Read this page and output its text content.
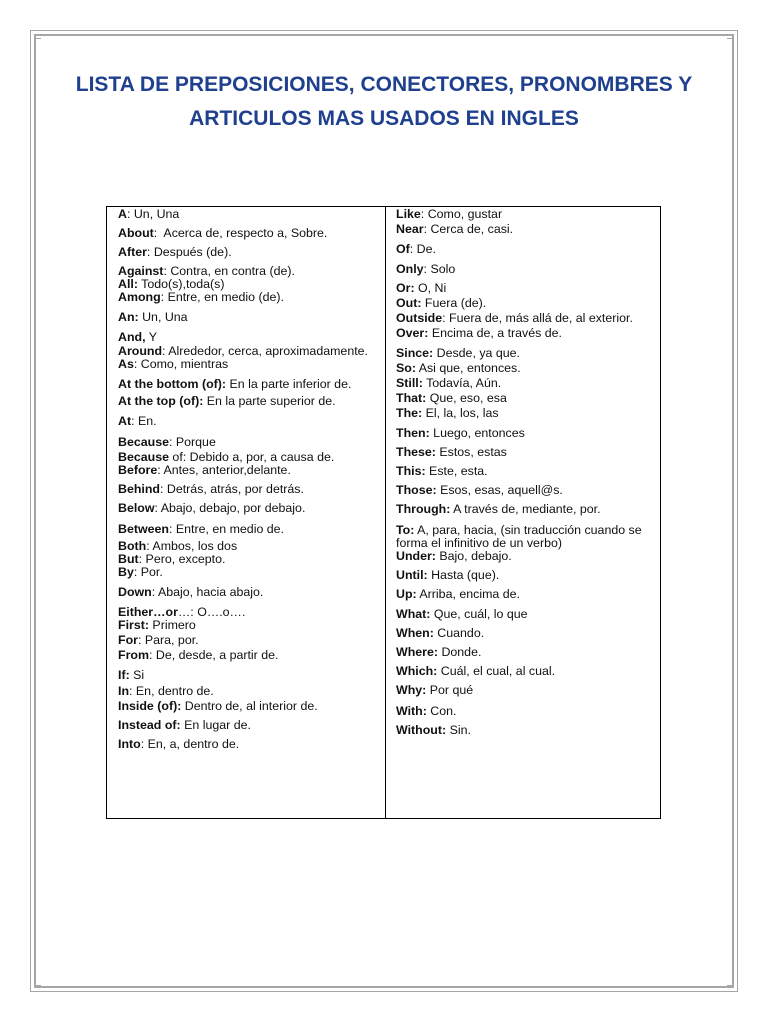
LISTA DE PREPOSICIONES, CONECTORES, PRONOMBRES Y
ARTICULOS MAS USADOS EN INGLES
A: Un, Una
About:  Acerca de, respecto a, Sobre.
After: Después (de).
Against: Contra, en contra (de).
All: Todo(s),toda(s)
Among: Entre, en medio (de).
An: Un, Una
And, Y
Around: Alrededor, cerca, aproximadamente.
As: Como, mientras
At the bottom (of): En la parte inferior de.
At the top (of): En la parte superior de.
At: En.
Because: Porque
Because of: Debido a, por, a causa de.
Before: Antes, anterior,delante.
Behind: Detrás, atrás, por detrás.
Below: Abajo, debajo, por debajo.
Between: Entre, en medio de.
Both: Ambos, los dos
But: Pero, excepto.
By: Por.
Down: Abajo, hacia abajo.
Either…or…: O….o….
First: Primero
For: Para, por.
From: De, desde, a partir de.
If: Si
In: En, dentro de.
Inside (of): Dentro de, al interior de.
Instead of: En lugar de.
Into: En, a, dentro de.
Like: Como, gustar
Near: Cerca de, casi.
Of: De.
Only: Solo
Or: O, Ni
Out: Fuera (de).
Outside: Fuera de, más allá de, al exterior.
Over: Encima de, a través de.
Since: Desde, ya que.
So: Asi que, entonces.
Still: Todavía, Aún.
That: Que, eso, esa
The: El, la, los, las
Then: Luego, entonces
These: Estos, estas
This: Este, esta.
Those: Esos, esas, aquell@s.
Through: A través de, mediante, por.
To: A, para, hacia, (sin traducción cuando se forma el infinitivo de un verbo)
Under: Bajo, debajo.
Until: Hasta (que).
Up: Arriba, encima de.
What: Que, cuál, lo que
When: Cuando.
Where: Donde.
Which: Cuál, el cual, al cual.
Why: Por qué
With: Con.
Without: Sin.
